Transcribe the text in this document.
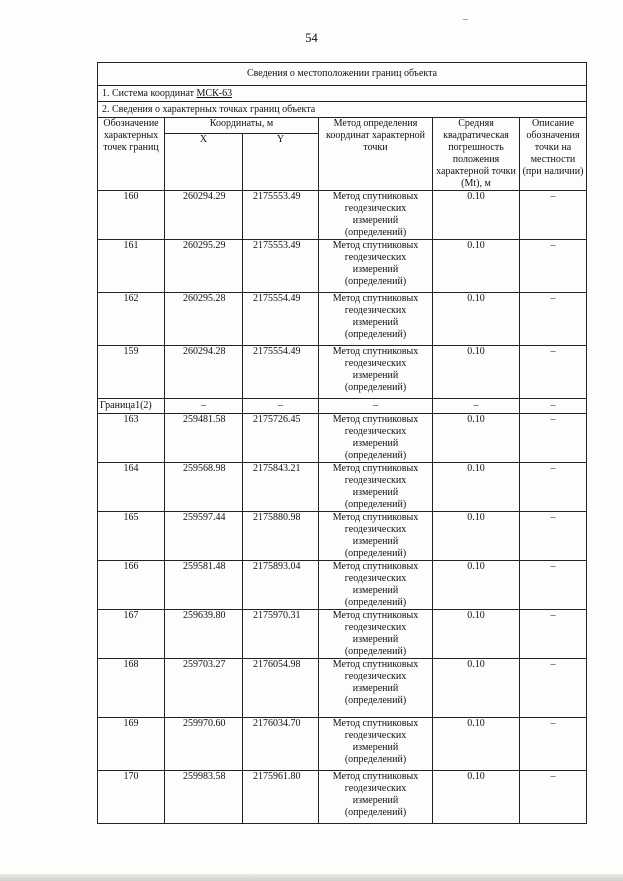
–
54
Сведения о местоположении границ объекта					
1. Система координат МСК-63					
2. Сведения о характерных точках границ объекта					
Обозначение характерных точек границ	Координаты, м		Метод определения координат характерной точки	Средняя квадратическая погрешность положения характерной точки (Mt), м	Описание обозначения точки на местности (при наличии)
	X	Y			
160	260294.29	2175553.49	Метод спутниковых геодезических измерений (определений)	0.10	–
161	260295.29	2175553.49	Метод спутниковых геодезических измерений (определений)	0.10	–
162	260295.28	2175554.49	Метод спутниковых геодезических измерений (определений)	0.10	–
159	260294.28	2175554.49	Метод спутниковых геодезических измерений (определений)	0.10	–
Граница1(2)	–	–	–	–	–
163	259481.58	2175726.45	Метод спутниковых геодезических измерений (определений)	0.10	–
164	259568.98	2175843.21	Метод спутниковых геодезических измерений (определений)	0.10	–
165	259597.44	2175880.98	Метод спутниковых геодезических измерений (определений)	0.10	–
166	259581.48	2175893.04	Метод спутниковых геодезических измерений (определений)	0.10	–
167	259639.80	2175970.31	Метод спутниковых геодезических измерений (определений)	0.10	–
168	259703.27	2176054.98	Метод спутниковых геодезических измерений (определений)	0.10	–
169	259970.60	2176034.70	Метод спутниковых геодезических измерений (определений)	0.10	–
170	259983.58	2175961.80	Метод спутниковых геодезических измерений (определений)	0.10	–
